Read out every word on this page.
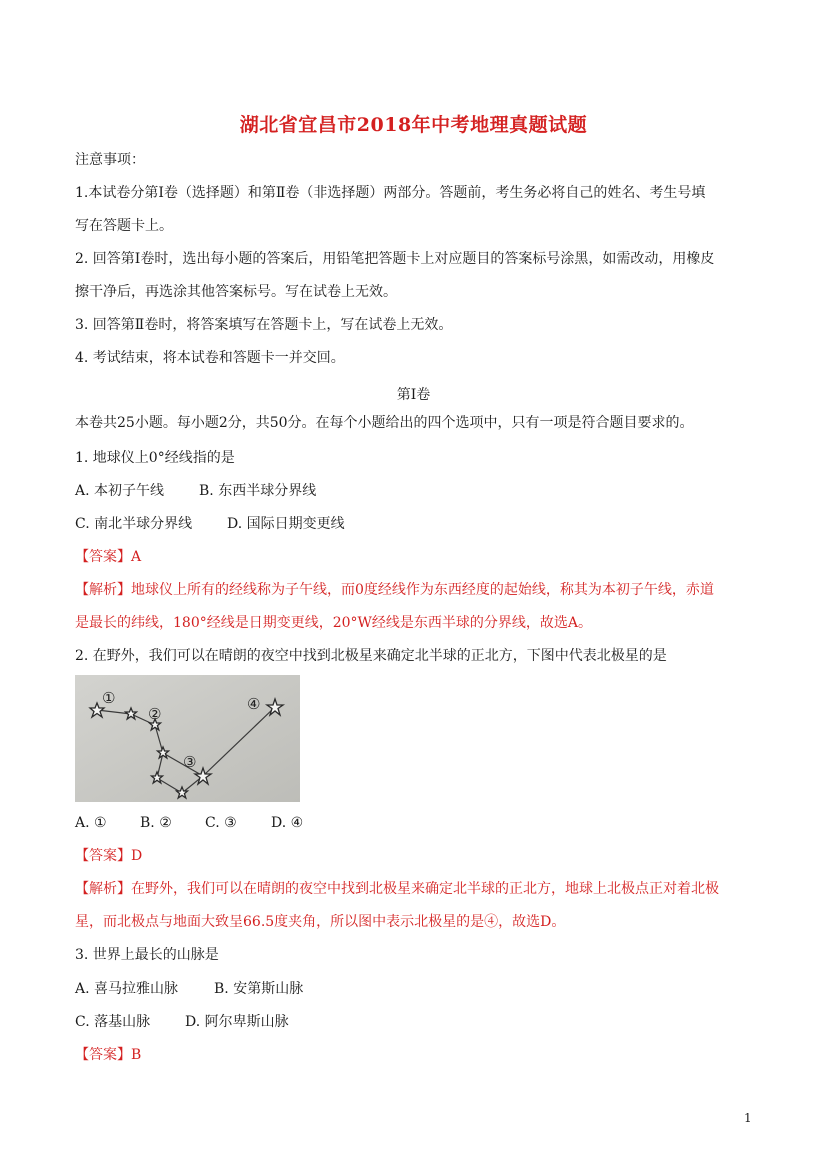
湖北省宜昌市2018年中考地理真题试题
注意事项：
1.本试卷分第Ⅰ卷（选择题）和第Ⅱ卷（非选择题）两部分。答题前，考生务必将自己的姓名、考生号填
写在答题卡上。
2. 回答第Ⅰ卷时，选出每小题的答案后，用铅笔把答题卡上对应题目的答案标号涂黑，如需改动，用橡皮
擦干净后，再选涂其他答案标号。写在试卷上无效。
3. 回答第Ⅱ卷时，将答案填写在答题卡上，写在试卷上无效。
4. 考试结束，将本试卷和答题卡一并交回。
第Ⅰ卷
本卷共25小题。每小题2分，共50分。在每个小题给出的四个选项中，只有一项是符合题目要求的。
1. 地球仪上0°经线指的是
A. 本初子午线 B. 东西半球分界线
C. 南北半球分界线 D. 国际日期变更线
【答案】A
【解析】地球仪上所有的经线称为子午线，而0度经线作为东西经度的起始线，称其为本初子午线，赤道
是最长的纬线，180°经线是日期变更线，20°W经线是东西半球的分界线，故选A。
2. 在野外，我们可以在晴朗的夜空中找到北极星来确定北半球的正北方，下图中代表北极星的是
①
②
③
④
A. ① B. ② C. ③ D. ④
【答案】D
【解析】在野外，我们可以在晴朗的夜空中找到北极星来确定北半球的正北方，地球上北极点正对着北极
星，而北极点与地面大致呈66.5度夹角，所以图中表示北极星的是④，故选D。
3. 世界上最长的山脉是
A. 喜马拉雅山脉	B. 安第斯山脉
C. 落基山脉 D. 阿尔卑斯山脉
【答案】B
1
